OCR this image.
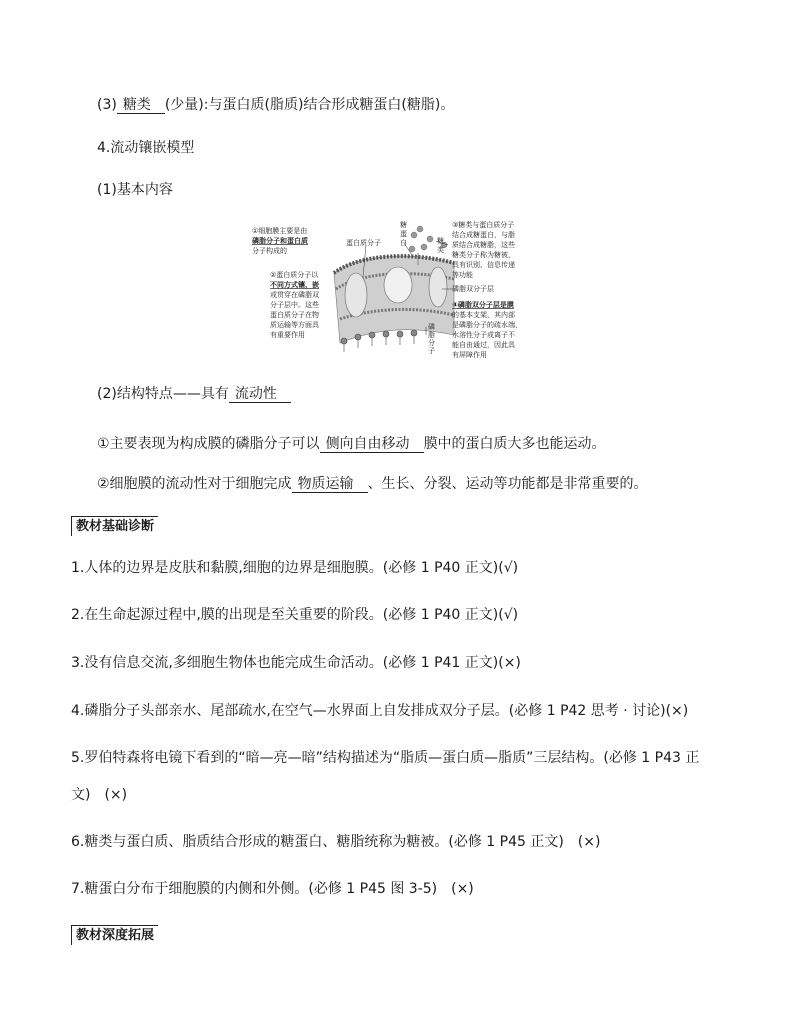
(3) 糖类 (少量):与蛋白质(脂质)结合形成糖蛋白(糖脂)。
4.流动镶嵌模型
(1)基本内容
①细胞膜主要是由 磷脂分子和蛋白质 分子构成的
②蛋白质分子以 不同方式镶、嵌 或贯穿在磷脂双 分子层中。这些 蛋白质分子在物 质运输等方面具 有重要作用
蛋白质分子
糖 蛋 白	糖 类
③糖类与蛋白质分子 结合成糖蛋白，与脂 质结合成糖脂，这些 糖类分子称为糖被， 具有识别、信息传递 等功能
磷脂双分子层
④磷脂双分子层是膜 的基本支架，其内部 是磷脂分子的疏水端， 水溶性分子或离子不 能自由通过，因此具 有屏障作用
磷 脂 分 子
(2)结构特点——具有 流动性
①主要表现为构成膜的磷脂分子可以 侧向自由移动 膜中的蛋白质大多也能运动。
②细胞膜的流动性对于细胞完成 物质运输 、生长、分裂、运动等功能都是非常重要的。
教材基础诊断
1.人体的边界是皮肤和黏膜,细胞的边界是细胞膜。(必修 1 P40 正文)(√)
2.在生命起源过程中,膜的出现是至关重要的阶段。(必修 1 P40 正文)(√)
3.没有信息交流,多细胞生物体也能完成生命活动。(必修 1 P41 正文)(×)
4.磷脂分子头部亲水、尾部疏水,在空气—水界面上自发排成双分子层。(必修 1 P42 思考 · 讨论)(×)
5.罗伯特森将电镜下看到的“暗—亮—暗”结构描述为“脂质—蛋白质—脂质”三层结构。(必修 1 P43 正
文)　(×)
6.糖类与蛋白质、脂质结合形成的糖蛋白、糖脂统称为糖被。(必修 1 P45 正文)　(×)
7.糖蛋白分布于细胞膜的内侧和外侧。(必修 1 P45 图 3-5)　(×)
教材深度拓展
